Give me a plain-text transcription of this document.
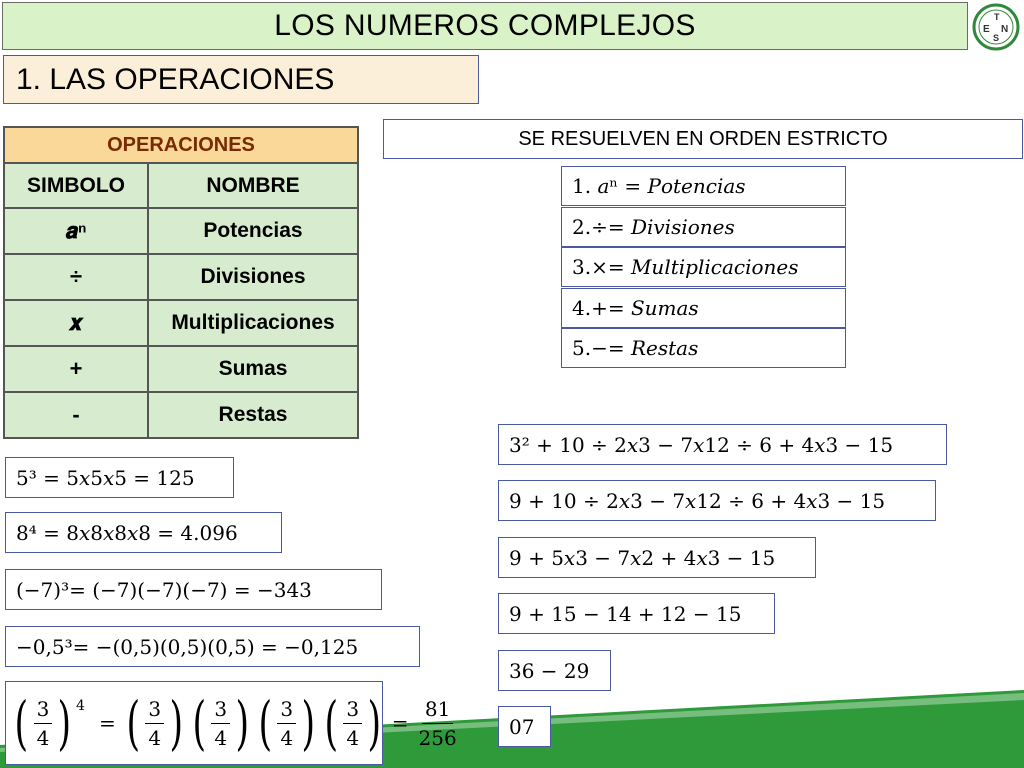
LOS NUMEROS COMPLEJOS	T
E
S
N
1. LAS OPERACIONES
OPERACIONES	
SIMBOLO	NOMBRE
𝒂ⁿ	Potencias
÷	Divisiones
𝒙	Multiplicaciones
+	Sumas
-	Restas
SE RESUELVEN EN ORDEN ESTRICTO
1. 𝑎ⁿ = 𝑃𝑜𝑡𝑒𝑛𝑐𝑖𝑎𝑠
2.÷= 𝐷𝑖𝑣𝑖𝑠𝑖𝑜𝑛𝑒𝑠
3.×= 𝑀𝑢𝑙𝑡𝑖𝑝𝑙𝑖𝑐𝑎𝑐𝑖𝑜𝑛𝑒𝑠
4.+= 𝑆𝑢𝑚𝑎𝑠
5.−= 𝑅𝑒𝑠𝑡𝑎𝑠
5³ = 5𝑥5𝑥5 = 125
8⁴ = 8𝑥8𝑥8𝑥8 = 4.096
(−7)³= (−7)(−7)(−7) = −343
−0,5³= −(0,5)(0,5)(0,5) = −0,125
( $\frac{3}{4}$ ) 4
= ( $\frac{3}{4}$ ) ( $\frac{3}{4}$ ) ( $\frac{3}{4}$ ) ( $\frac{3}{4}$ ) = $\frac{81}{256}$
3² + 10 ÷ 2𝑥3 − 7𝑥12 ÷ 6 + 4𝑥3 − 15
9 + 10 ÷ 2𝑥3 − 7𝑥12 ÷ 6 + 4𝑥3 − 15
9 + 5𝑥3 − 7𝑥2 + 4𝑥3 − 15
9 + 15 − 14 + 12 − 15
36 − 29
07
